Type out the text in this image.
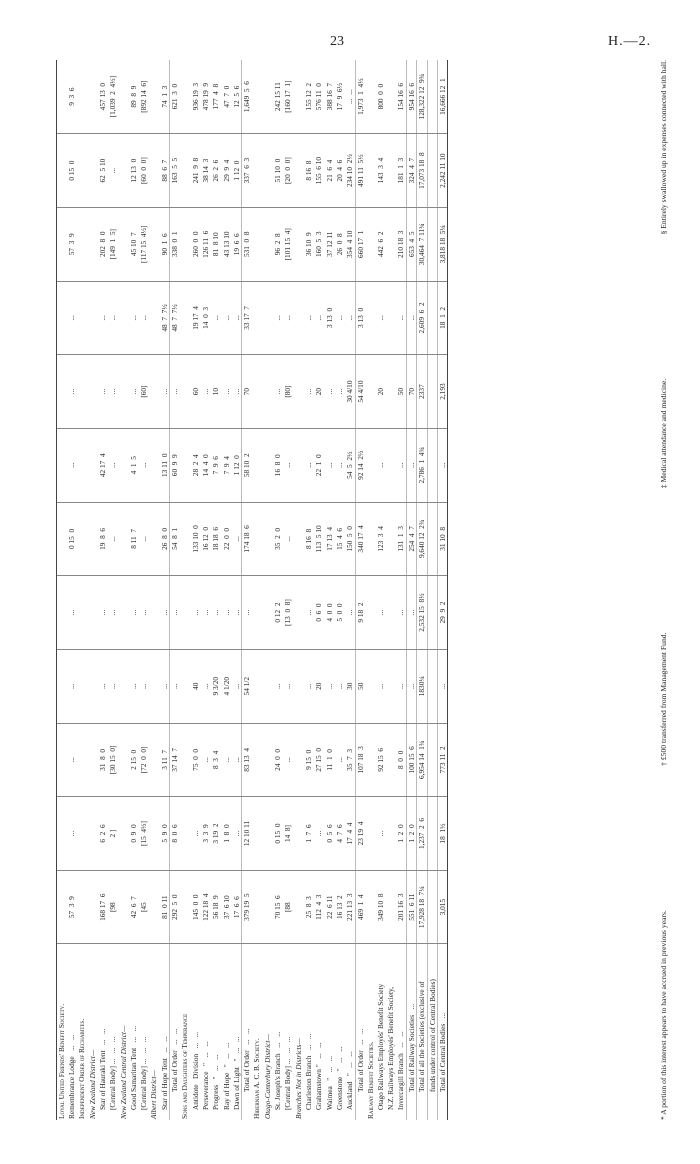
23	H.—2.
Loyal United Friends' Benefit Society.												
Remembrance Lodge   ...   ...	57  3  9	...	...	...	...	0 15  0	...	...	...	57  3  9	0 15  0	9  3  6
Independent Order of Rechabites.												
New Zealand District—												
Star of Hauraki Tent   ...   ...	168 17  6	6  2  6	31  8  0	...	...	19  8  6	42 17  4	...	...	202  8  0	62  5 10	457 13  0
[Central Body] ...   ...   ...	[98	2 ]	[30 15  0]	...	...	...	...	...	...	[149  1  5]	...	[1,039  2  4½]
New Zealand Central District—												
Good Samaritan Tent   ...   ...	42  6  7	0  9  0	2 15  0	...	...	8 11  7	4  1  5	...	...	45 10  7	12 13  0	89  8  9
[Central Body] ...   ...   ...	[45	[15  4½]	[72  0  0]	...	...	...	...	[60]	...	[117 15  4½]	[60  0  0]	[892 14  6]
Albert District—												
Star of Hope Tent   ...   ...	81  0 11	5  9  0	3 11  7	...	...	26  8  0	13 11  0	...	48  7  7½	90  1  6	88  6  7	74  1  3
Total of Order   ...   ...	292  5  0	8  0  6	37 14  7	...	...	54  8  1	60  9  9	...	48  7  7½	338  0  1	163  5  5	621  3  0
Sons and Daughters of Temperance												
Antidote   Division   ...   ...	145  0  0	...	75  0  0	40	...	133 10  0	28  2  4	60	19 17  4	260  0  0	241  9  8	936 19  3
Perseverance   "   ...   ...	122 18  4	3  3  9	...	...	...	16 12  0	14  4  0	...	14  0  3	126 11  6	38 14  3	478 19  9
Progress   "   ...   ...	56 18  9	3 19  2	8  3  4	9 3/20	...	18 18  6	7  9  6	10	...	81  8 10	26  2  6	177  4  8
Ray of Hope   "   ...   ...	37  6 10	1  8  0	...	4 1/20	...	22  0  0	7  9  4	...	...	43 13 10	29  9  4	47  7  0
Dawn of Light   "   ...   ...	17  6  6	...	...	...	...	...	1 12  0	...	...	19  6  6	1 12  0	12  5  6
Total of Order   ...   ...	379 19  5	12 10 11	83 13  4	54 1/2	...	174 18  6	58 10  2	70	33 17  7	531  0  8	337  6  3	1,649  5  6
Hibernian A. C. B. Society.												
Otago-Canterbury District—												
St. Joseph's Branch   ...   ...	70 15  6	0 15  0	24  0  0	...	0 12  2	35  2  0	16  8  0	...	...	96  2  8	51 10  0	242 15 11
[Central Body] ...   ...   ...	[88	14  8]	...	...	[13  0  8]	...	...	[80]	...	[101 15  4]	[20  0  0]	[160 17  1]
Branches Not in Districts—												
Charleston Branch   ...   ...	25  8  3	1  7  6	9 15  0	...	...	8 16  8	...	...	...	36 10  9	8 16  8	155 12  2
Grahamstown "   ...   ...	112  4  3	...	27 15  0	20	0  6  0	113  5 10	22  1  0	20	...	160  5  3	155  6 10	576 11  0
Waimea   "   ...   ...	22  6 11	0  5  6	11  1  0	...	4  0  0	17 13  4	...	...	3 13  0	37 12 11	21  6  4	388 16  7
Greenstone   "   ...   ...	16 13  2	4  7  6	...	...	5  0  0	15  4  6	...	...	...	26  0  8	20  4  6	17  9  6½
Auckland   "   ...   ...	221 13  3	17  4  4	35  7  3	30	...	150  5  0	54  5  2½	30 4/10	...	354  4 10	234 10  2½	...  ...
Total of Order   ...   ...	469  1  4	23 19  4	107 18  3	50	9 18  2	340 17  4	92 14  2½	54 4/10	3 13  0	660 17  1	491 11  5½	1,973  1  4½
Railway Benefit Societies.												
Otago Railways Employés' Benefit Society	349 10  8	...	92 15  6	...	...	123  3  4	...	20	...	442  6  2	143  3  4	800  0  0
N.Z. Railways Employés' Benefit Society,												
Invercargill Branch   ...   ...	201 16  3	1  2  0	8  0  0	...	...	131  1  3	...	50	...	210 18  3	181  1  3	154 16  6
Total of Railway Societies   ...	551  6 11	1  2  0	100 15  6	...	...	254  4  7	...	70	...	653  4  5	324  4  7	954 16  6
Total of all the Societies (exclusive of	17,928 18  7¼	1,237  2  6	6,954 14  1¾	1830¼	2,532 15  8½	9,640 12  2¾	2,786  1  4¾	2337	2,609  6  2	30,464  7 11¾	17,073 18  8	128,322 12  9¾
funds under control of Central Bodies)												
Total of Central Bodies   ...	3,015	18  1½	773 11  2	...	29  9  2	31 10  8	...	2,193	18  1  2	3,818 18  5¼	2,242 11 10	16,666 12  1
* A portion of this interest appears to have accrued in previous years.
† £500 transferred from Management Fund.
‡ Medical attendance and medicine.
§ Entirely swallowed up in expenses connected with hall.
